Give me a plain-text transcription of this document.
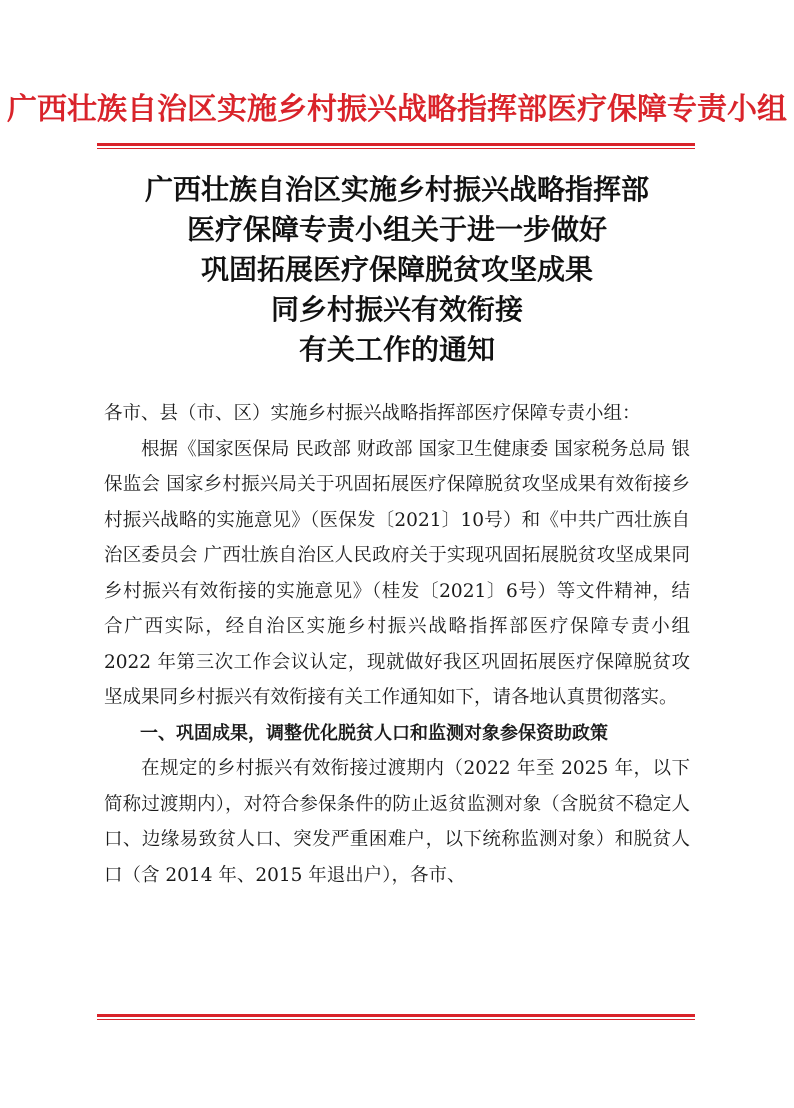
广西壮族自治区实施乡村振兴战略指挥部医疗保障专责小组
广西壮族自治区实施乡村振兴战略指挥部
医疗保障专责小组关于进一步做好
巩固拓展医疗保障脱贫攻坚成果
同乡村振兴有效衔接
有关工作的通知

各市、县（市、区）实施乡村振兴战略指挥部医疗保障专责小组：

根据《国家医保局 民政部 财政部 国家卫生健康委 国家税务总局 银保监会 国家乡村振兴局关于巩固拓展医疗保障脱贫攻坚成果有效衔接乡村振兴战略的实施意见》（医保发〔2021〕10号）和《中共广西壮族自治区委员会 广西壮族自治区人民政府关于实现巩固拓展脱贫攻坚成果同乡村振兴有效衔接的实施意见》（桂发〔2021〕6号）等文件精神，结合广西实际，经自治区实施乡村振兴战略指挥部医疗保障专责小组 2022 年第三次工作会议认定，现就做好我区巩固拓展医疗保障脱贫攻坚成果同乡村振兴有效衔接有关工作通知如下，请各地认真贯彻落实。

一、巩固成果，调整优化脱贫人口和监测对象参保资助政策

在规定的乡村振兴有效衔接过渡期内（2022 年至 2025 年，以下简称过渡期内），对符合参保条件的防止返贫监测对象（含脱贫不稳定人口、边缘易致贫人口、突发严重困难户，以下统称监测对象）和脱贫人口（含 2014 年、2015 年退出户），各市、
